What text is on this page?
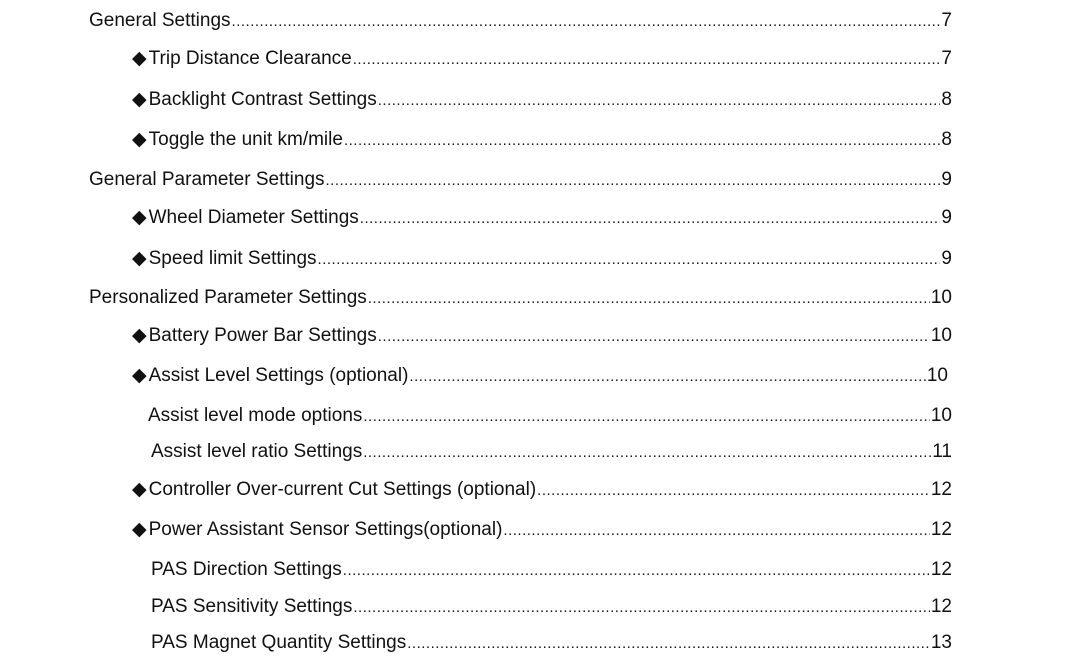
General Settings .....	7
◆ Trip Distance Clearance .....	7
◆ Backlight Contrast Settings .....	8
◆ Toggle the unit km/mile .....	8
General Parameter Settings .....	9
◆ Wheel Diameter Settings .....	9
◆ Speed limit Settings .....	9
Personalized Parameter Settings .....	10
◆ Battery Power Bar Settings .....	10
◆ Assist Level Settings (optional) .....	10
Assist level mode options .....	10
Assist level ratio Settings .....	11
◆ Controller Over-current Cut Settings (optional) .....	12
◆ Power Assistant Sensor Settings(optional) .....	12
PAS Direction Settings .....	12
PAS Sensitivity Settings .....	12
PAS Magnet Quantity Settings .....	13
